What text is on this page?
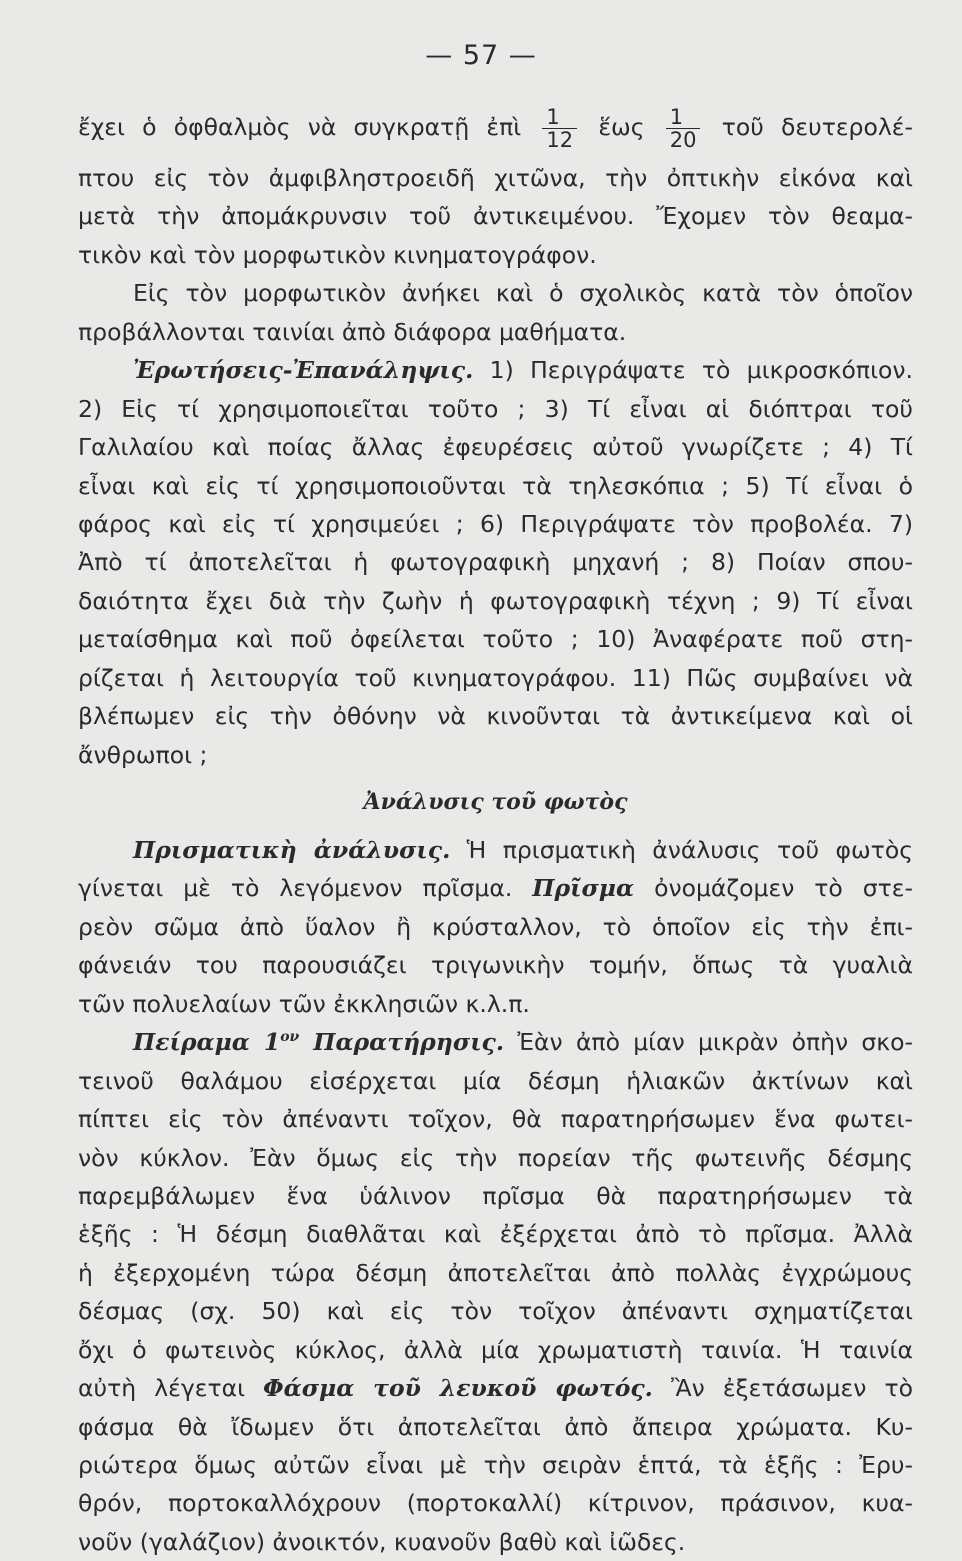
— 57 —
ἔχει ὁ ὀφθαλμὸς νὰ συγκρατῇ ἐπὶ $\frac{1}{12}$ ἕως $\frac{1}{20}$ τοῦ δευτερολέ-
πτου εἰς τὸν ἀμφιβληστροειδῆ χιτῶνα, τὴν ὀπτικὴν εἰκόνα καὶ
μετὰ τὴν ἀπομάκρυνσιν τοῦ ἀντικειμένου. Ἔχομεν τὸν θεαμα-
τικὸν καὶ τὸν μορφωτικὸν κινηματογράφον.
Εἰς τὸν μορφωτικὸν ἀνήκει καὶ ὁ σχολικὸς κατὰ τὸν ὁποῖον
προβάλλονται ταινίαι ἀπὸ διάφορα μαθήματα.
Ἐρωτήσεις-Ἐπανάληψις. 1) Περιγράψατε τὸ μικροσκόπιον.
2) Εἰς τί χρησιμοποιεῖται τοῦτο ; 3) Τί εἶναι αἱ διόπτραι τοῦ
Γαλιλαίου καὶ ποίας ἄλλας ἐφευρέσεις αὐτοῦ γνωρίζετε ; 4) Τί
εἶναι καὶ εἰς τί χρησιμοποιοῦνται τὰ τηλεσκόπια ; 5) Τί εἶναι ὁ
φάρος καὶ εἰς τί χρησιμεύει ; 6) Περιγράψατε τὸν προβολέα. 7)
Ἀπὸ τί ἀποτελεῖται ἡ φωτογραφικὴ μηχανή ; 8) Ποίαν σπου-
δαιότητα ἔχει διὰ τὴν ζωὴν ἡ φωτογραφικὴ τέχνη ; 9) Τί εἶναι
μεταίσθημα καὶ ποῦ ὀφείλεται τοῦτο ; 10) Ἀναφέρατε ποῦ στη-
ρίζεται ἡ λειτουργία τοῦ κινηματογράφου. 11) Πῶς συμβαίνει νὰ
βλέπωμεν εἰς τὴν ὀθόνην νὰ κινοῦνται τὰ ἀντικείμενα καὶ οἱ
ἄνθρωποι ;
Ἀνάλυσις τοῦ φωτὸς
Πρισματικὴ ἀνάλυσις. Ἡ πρισματικὴ ἀνάλυσις τοῦ φωτὸς
γίνεται μὲ τὸ λεγόμενον πρῖσμα. Πρῖσμα ὀνομάζομεν τὸ στε-
ρεὸν σῶμα ἀπὸ ὕαλον ἢ κρύσταλλον, τὸ ὁποῖον εἰς τὴν ἐπι-
φάνειάν του παρουσιάζει τριγωνικὴν τομήν, ὅπως τὰ γυαλιὰ
τῶν πολυελαίων τῶν ἐκκλησιῶν κ.λ.π.
Πείραμα $1^{o\nu}$ Παρατήρησις. Ἐὰν ἀπὸ μίαν μικρὰν ὀπὴν σκο-
τεινοῦ θαλάμου εἰσέρχεται μία δέσμη ἡλιακῶν ἀκτίνων καὶ
πίπτει εἰς τὸν ἀπέναντι τοῖχον, θὰ παρατηρήσωμεν ἕνα φωτει-
νὸν κύκλον. Ἐὰν ὅμως εἰς τὴν πορείαν τῆς φωτεινῆς δέσμης
παρεμβάλωμεν ἕνα ὑάλινον πρῖσμα θὰ παρατηρήσωμεν τὰ
ἑξῆς : Ἡ δέσμη διαθλᾶται καὶ ἐξέρχεται ἀπὸ τὸ πρῖσμα. Ἀλλὰ
ἡ ἐξερχομένη τώρα δέσμη ἀποτελεῖται ἀπὸ πολλὰς ἐγχρώμους
δέσμας (σχ. 50) καὶ εἰς τὸν τοῖχον ἀπέναντι σχηματίζεται
ὄχι ὁ φωτεινὸς κύκλος, ἀλλὰ μία χρωματιστὴ ταινία. Ἡ ταινία
αὐτὴ λέγεται Φάσμα τοῦ λευκοῦ φωτός. Ἂν ἐξετάσωμεν τὸ
φάσμα θὰ ἴδωμεν ὅτι ἀποτελεῖται ἀπὸ ἄπειρα χρώματα. Κυ-
ριώτερα ὅμως αὐτῶν εἶναι μὲ τὴν σειρὰν ἑπτά, τὰ ἑξῆς : Ἐρυ-
θρόν, πορτοκαλλόχρουν (πορτοκαλλί) κίτρινον, πράσινον, κυα-
νοῦν (γαλάζιον) ἀνοικτόν, κυανοῦν βαθὺ καὶ ἰῶδες.
